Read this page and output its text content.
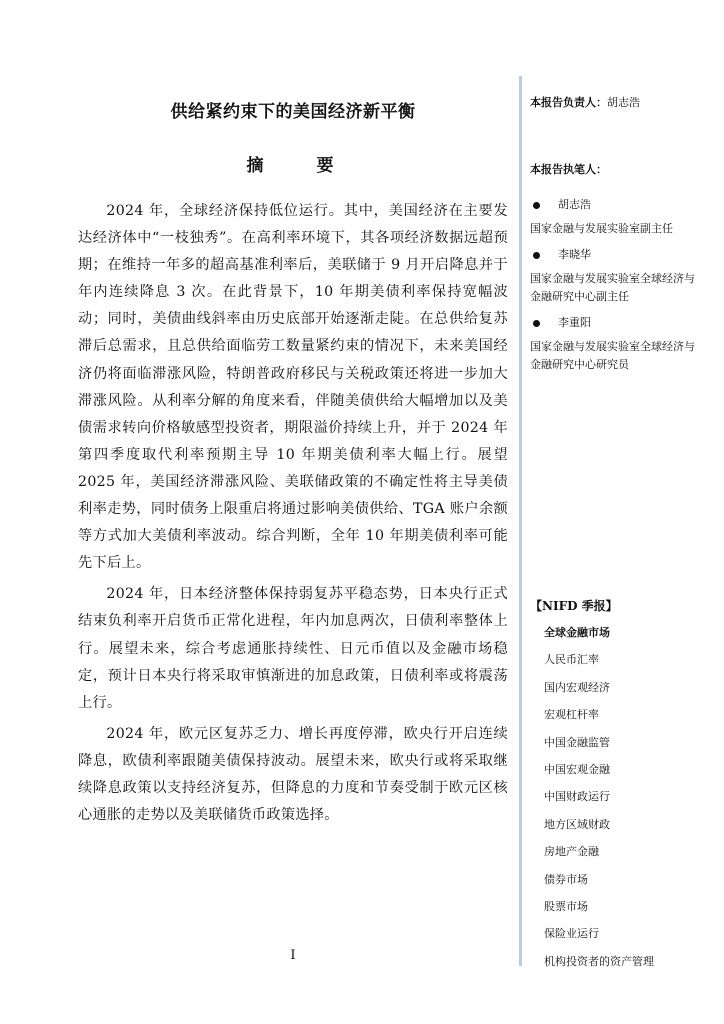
供给紧约束下的美国经济新平衡
摘　要

2024 年，全球经济保持低位运行。其中，美国经济在主要发达经济体中“一枝独秀”。在高利率环境下，其各项经济数据远超预期；在维持一年多的超高基准利率后，美联储于 9 月开启降息并于年内连续降息 3 次。在此背景下，10 年期美债利率保持宽幅波动；同时，美债曲线斜率由历史底部开始逐渐走陡。在总供给复苏滞后总需求，且总供给面临劳工数量紧约束的情况下，未来美国经济仍将面临滞涨风险，特朗普政府移民与关税政策还将进一步加大滞涨风险。从利率分解的角度来看，伴随美债供给大幅增加以及美债需求转向价格敏感型投资者，期限溢价持续上升，并于 2024 年第四季度取代利率预期主导 10 年期美债利率大幅上行。展望 2025 年，美国经济滞涨风险、美联储政策的不确定性将主导美债利率走势，同时债务上限重启将通过影响美债供给、TGA 账户余额等方式加大美债利率波动。综合判断，全年 10 年期美债利率可能先下后上。

2024 年，日本经济整体保持弱复苏平稳态势，日本央行正式结束负利率开启货币正常化进程，年内加息两次，日债利率整体上行。展望未来，综合考虑通胀持续性、日元币值以及金融市场稳定，预计日本央行将采取审慎渐进的加息政策，日债利率或将震荡上行。

2024 年，欧元区复苏乏力、增长再度停滞，欧央行开启连续降息，欧债利率跟随美债保持波动。展望未来，欧央行或将采取继续降息政策以支持经济复苏，但降息的力度和节奏受制于欧元区核心通胀的走势以及美联储货币政策选择。

I
本报告负责人：胡志浩
本报告执笔人：
胡志浩
国家金融与发展实验室副主任
李晓华
国家金融与发展实验室全球经济与金融研究中心副主任
李重阳
国家金融与发展实验室全球经济与金融研究中心研究员
【NIFD 季报】
全球金融市场
人民币汇率
国内宏观经济
宏观杠杆率
中国金融监管
中国宏观金融
中国财政运行
地方区域财政
房地产金融
债券市场
股票市场
保险业运行
机构投资者的资产管理
